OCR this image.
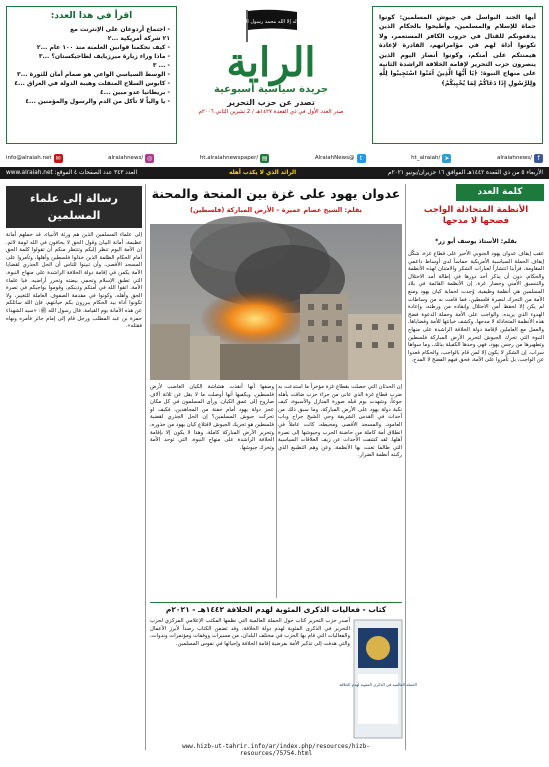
اقرأ في هذا العدد:
- اجتماع أردوغان على الإنترنت مع
٢١ شركة أمريكية ...٢
- كيف تحكمنا قوانين العلمنة منذ ١٠٠ عام ...٢
- ماذا وراء زيارة ميرزيايف لطاجيكستان؟ ...٣
- ... ٣
- الوسط السياسي الواعي هو صمام أمان للثورة ...٣
- كابوس السلاح المنفلت وهيبة الدولة في العراق ...٤
- بريطانيا عدو مبين ...٤
- يا والياً لا تأكل من الدم والرسول والمؤمنين ...٤
لا إله إلا الله محمد رسول الله
الراية
جريدة سياسية أسبوعية
تصدر عن حزب التحرير
صدر العدد الأول في ذي القعدة ١٤٢٧هـ / 2 تشرين الثاني ٢٠٠٦م
أيها الجند البواسل في جيوش المسلمين: كونوا حماة للإسلام والمسلمين، وأطيحوا بالحكام الذين يدفعونكم للقتال في حروب الكافر المستعمر، ولا تكونوا أداة لهم في مؤامراتهم، القادرة لإعادة هيمنتكم على أمتكم، وكونوا أنصار اليوم الذين ينصرون حزب التحرير لإقامة الخلافة الراشدة الثانية على منهاج النبوة: ﴿يَا أَيُّهَا الَّذِينَ آمَنُوا اسْتَجِيبُوا لِلَّهِ وَلِلرَّسُولِ إِذَا دَعَاكُمْ لِمَا يُحْيِيكُمْ﴾
✉
info@alraiah.net	◎
/alraiahnews	▤
/ht.alraiahnewspaper	t
@AlraiahNews	➤
/ht_alraiah	f
/alraiahnews
الأربعاء ٥ من ذي القعدة ١٤٤٢هـ الموافق ١٦ حزيران/يونيو ٢٠٢١م
الرائد الذي لا يكذب أهله
العدد ٣٤٣ عدد الصفحات ٤ الموقع: www.alraiah.net
كلمة العدد
الأنظمة المتخاذلة الواجب فضحها لا مدحها
بقلم: الأستاذ يوسف أبو زر*
عقب إيقاف عدوان يهود الجنوبي الأخير على قطاع غزة، شكّل إيقاف الحملة السياسية الأمريكية حماساً لدى أوساط داعمي المقاومة، فرأينا انتشاراً لعبارات الشكر والامتنان لهذه الأنظمة والحكام، دون أن يذكر أحد دورها في إطالة أمد الاحتلال والتنسيق الأمني وحصار غزة. إن الأنظمة القائمة في بلاد المسلمين هي أنظمة وظيفية، وُجدت لحماية كيان يهود ومنع الأمة من التحرك لنصرة فلسطين، فما قامت به من وساطات لم يكن إلا لحفظ أمن الاحتلال وإنقاذه من ورطته، وإعادة الهدوء الذي يريده. والواجب على الأمة وحملة الدعوة فضح هذه الأنظمة المتخاذلة لا مدحها، وكشف خيانتها للأمة وقضاياها، والعمل مع العاملين لإقامة دولة الخلافة الراشدة على منهاج النبوة التي تحرك الجيوش لتحرير الأرض المباركة فلسطين وتطهيرها من رجس يهود، فهي وحدها الكفيلة بذلك، وما سواها سراب. إن الشكر لا يكون إلا لمن قام بالواجب، والحكام قعدوا عن الواجب، بل تآمروا على الأمة، فحق فيهم الفضح لا المدح.
عدوان يهود على غزة بين المنحة والمحنة
بقلم: الشيخ عصام عميرة – الأرض المباركة (فلسطين)
إن الحدثان التي حصلت بقطاع غزة مؤخراً ما استدعت به ضرب قطاع غزة الذي عانى من جراء حرب ضاقت بأهله جوعاً، وشهدت يوم قبله صورة المنازل والأسيوة، كيف نكبة دولة يهود على الأرض المباركة، وما سبق ذلك من أحداث في القدس الشريفة وحي الشيخ جراح وباب العامود، والمسجد الأقصى ومحيطه، كانت عاملاً في انطلاق أمة كاملة من حاضنة الحرب وجيوشها إلى نصرة أهلها. لقد كشفت الأحداث عن زيف العلاقات السياسية التي طالما تغنت بها الأنظمة، وعن وهم التطبيع الذي ركبته أنظمة الضرار.
وصفها أنها أنقذت هشاشة الكيان الغاصب لأرض فلسطين، ويكفيها أنها أوصلت ما لا يقل عن ثلاثة آلاف صاروخ إلى عمق الكيان. ورأى المسلمون في كل مكان عجز دولة يهود أمام حفنة من المجاهدين، فكيف لو تحركت جيوش المسلمين؟ إن الحل الجذري لقضية فلسطين هو تحريك الجيوش لاقتلاع كيان يهود من جذوره، وتحرير الأرض المباركة كاملة، وهذا لا يكون إلا بإقامة الخلافة الراشدة على منهاج النبوة، التي توحد الأمة وتحرك جيوشها.
كتاب - فعاليات الذكرى المئوية لهدم الخلافة ١٤٤٢هـ - ٢٠٢١م
أصدر حزب التحرير كتاب حول الحملة العالمية التي نظمها المكتب الإعلامي المركزي لحزب التحرير في الذكرى المئوية لهدم دولة الخلافة، وقد تضمن الكتاب رصداً لأبرز الأعمال والفعاليات التي قام بها الحزب في مختلف البلدان، من مسيرات ووقفات ومؤتمرات وندوات، والتي هدفت إلى تذكير الأمة بفرضية إقامة الخلافة وإحيائها في نفوس المسلمين.
الحملة العالمية في الذكرى المئوية لهدم الخلافة
www.hizb-ut-tahrir.info/ar/index.php/resources/hizb-resources/75754.html
رسالة إلى علماء المسلمين
إلى علماء المسلمين الذين هم ورثة الأنبياء، قد حملهم أمانة عظيمة، أمانة البيان وقول الحق لا يخافون في الله لومة لائم. إن الأمة اليوم تنظر إليكم وتنتظر منكم أن تقولوا كلمة الحق أمام الحكام الظلمة الذين خذلوا فلسطين وأهلها، وتآمروا على المسجد الأقصى، وأن تبينوا للناس أن الحل الجذري لقضايا الأمة يكمن في إقامة دولة الخلافة الراشدة على منهاج النبوة، التي تطبق الإسلام وتحمي بيضته وتحرر أراضيه. فيا علماء الأمة، اتقوا الله في أمتكم ودينكم، وقوموا بواجبكم في نصرة الحق وأهله، وكونوا في مقدمة الصفوف العاملة للتغيير، ولا تكونوا أداة بيد الحكام يبررون بكم خيانتهم، فإن الله سائلكم عن هذه الأمانة يوم القيامة. قال رسول الله ﷺ: «سيد الشهداء حمزة بن عبد المطلب ورجل قام إلى إمام جائر فأمره ونهاه فقتله».
